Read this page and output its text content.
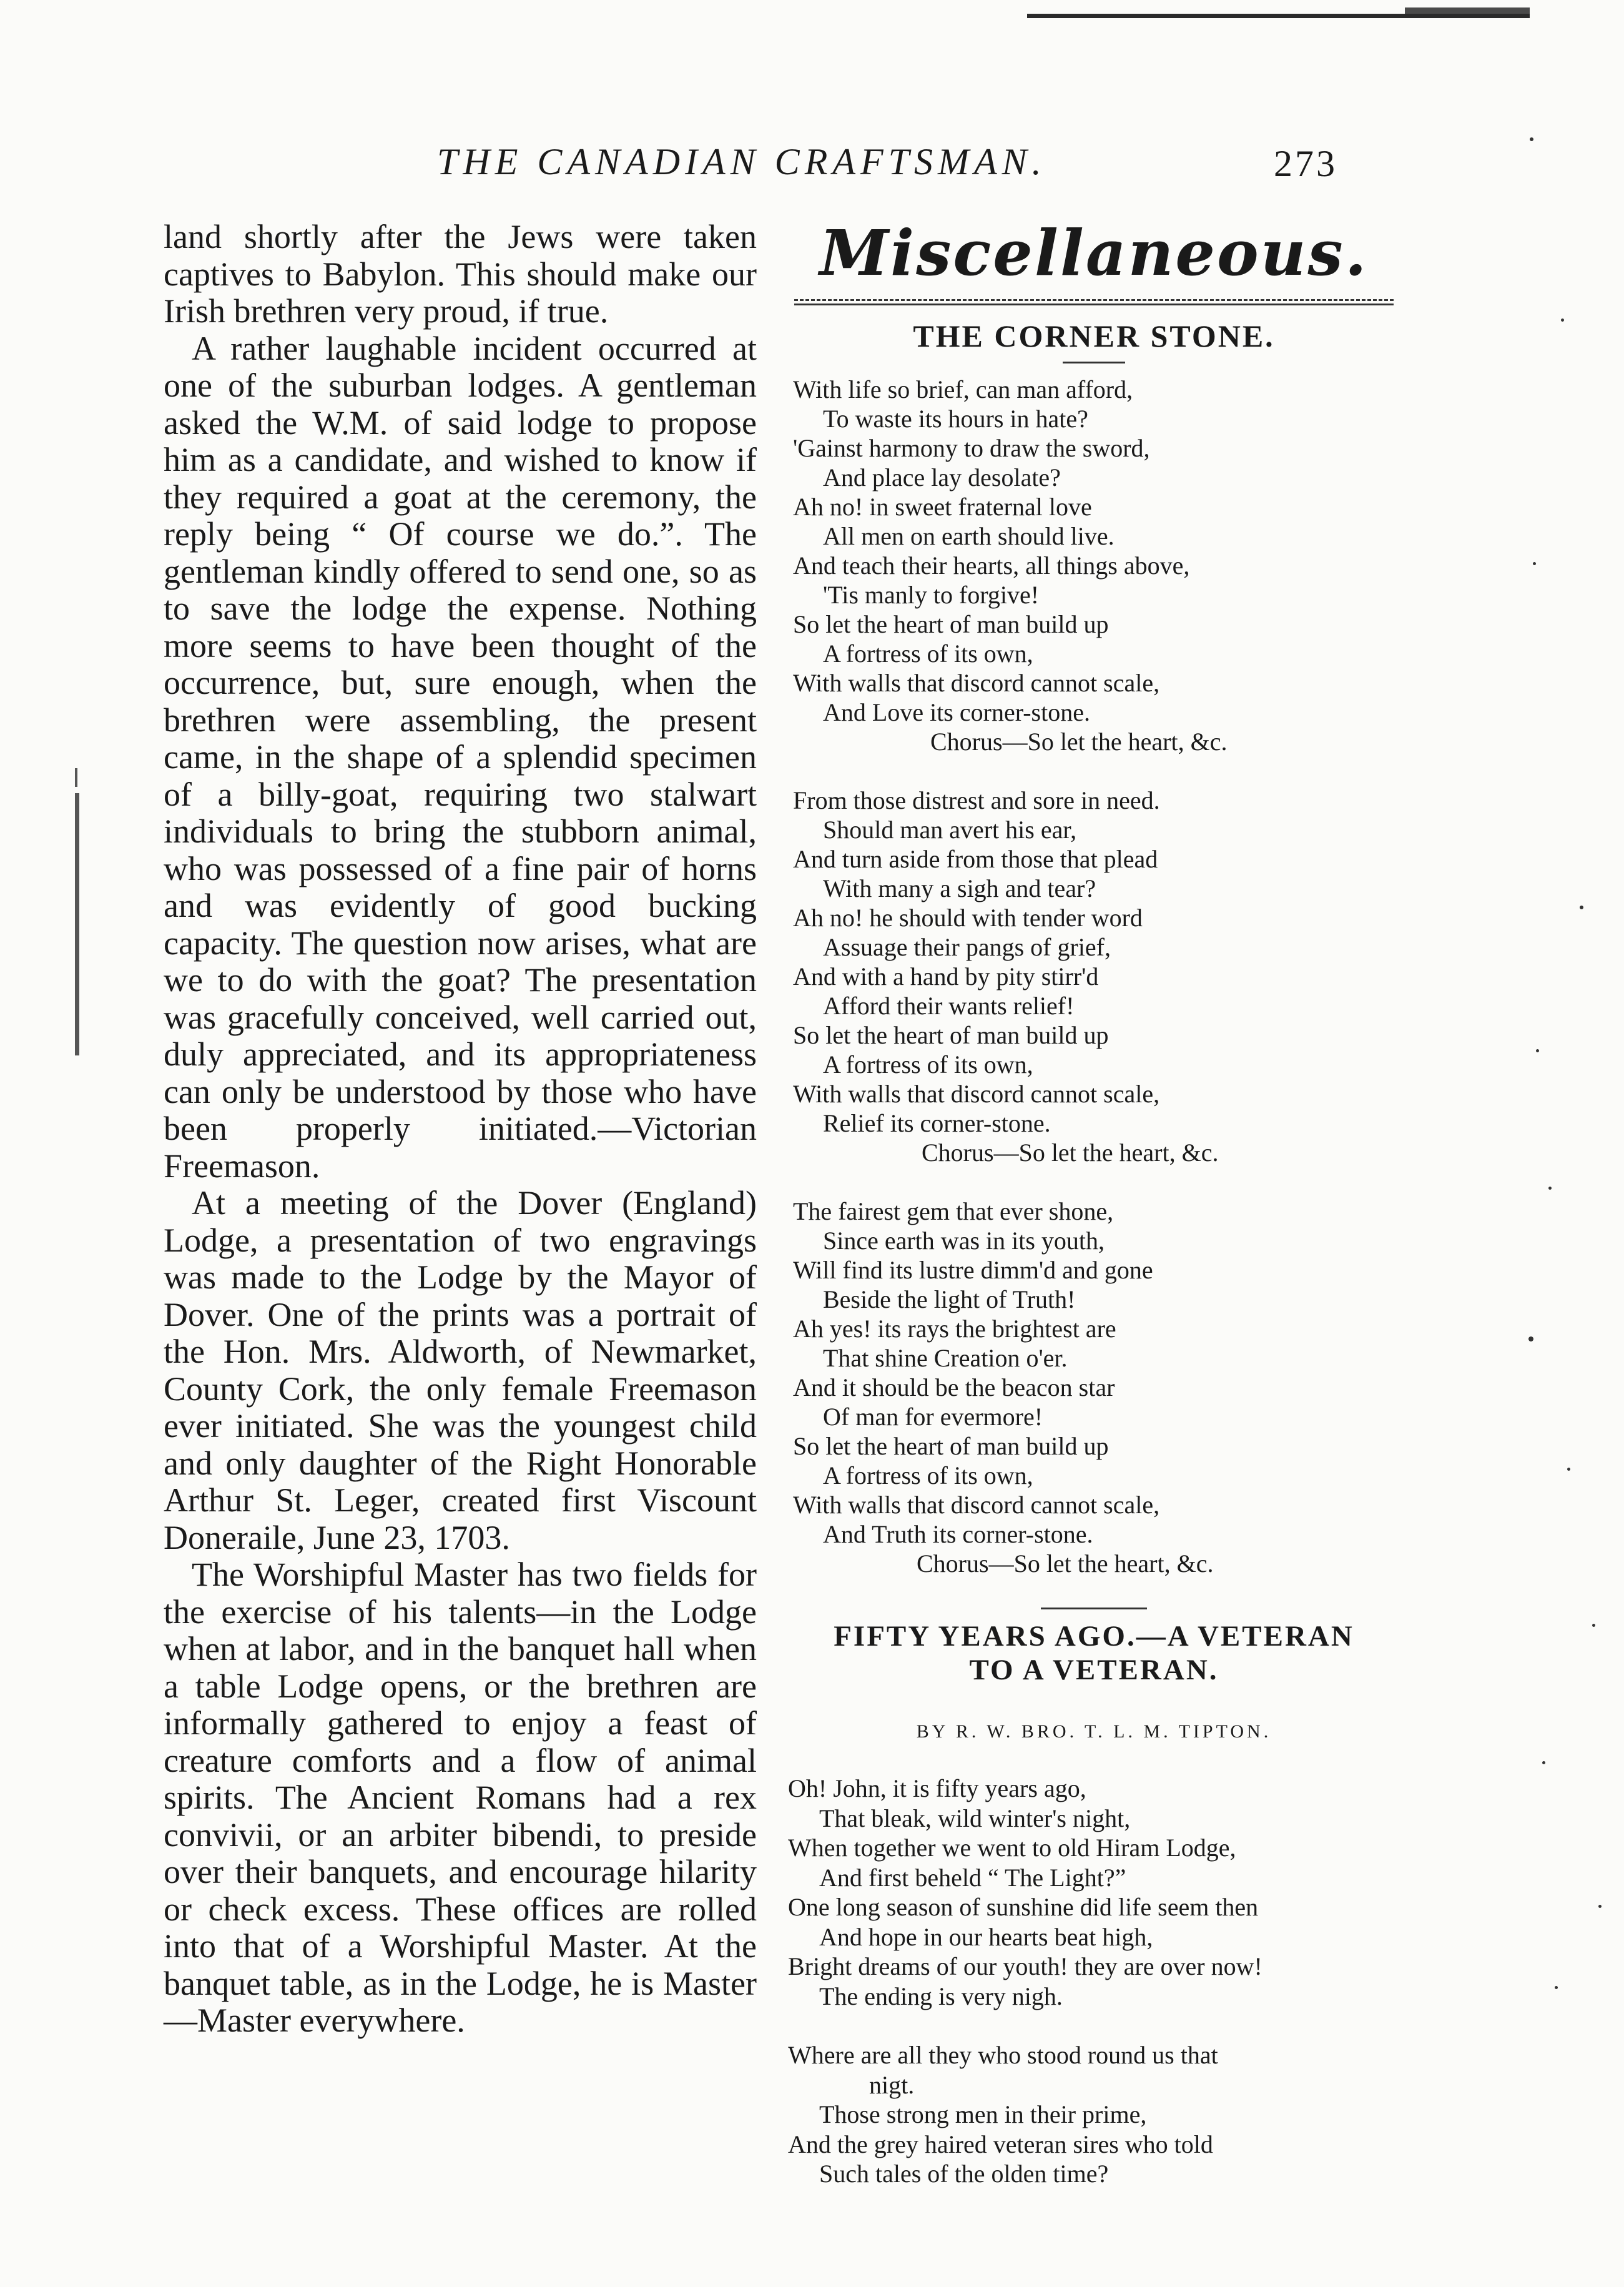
THE CANADIAN CRAFTSMAN.	273

land shortly after the Jews were taken captives to Babylon. This should make our Irish brethren very proud, if true.

A rather laughable incident occurred at one of the suburban lodges. A gentleman asked the W.M. of said lodge to propose him as a candidate, and wished to know if they required a goat at the ceremony, the reply being “ Of course we do.”. The gentleman kindly offered to send one, so as to save the lodge the expense. Nothing more seems to have been thought of the occurrence, but, sure enough, when the brethren were assembling, the present came, in the shape of a splendid specimen of a billy-goat, requiring two stalwart individuals to bring the stubborn animal, who was possessed of a fine pair of horns and was evidently of good bucking capacity. The question now arises, what are we to do with the goat? The presentation was gracefully conceived, well carried out, duly appreciated, and its appropriateness can only be understood by those who have been properly initiated.—Victorian Freemason.

At a meeting of the Dover (England) Lodge, a presentation of two engravings was made to the Lodge by the Mayor of Dover. One of the prints was a portrait of the Hon. Mrs. Aldworth, of Newmarket, County Cork, the only female Freemason ever initiated. She was the youngest child and only daughter of the Right Honorable Arthur St. Leger, created first Viscount Doneraile, June 23, 1703.

The Worshipful Master has two fields for the exercise of his talents—in the Lodge when at labor, and in the banquet hall when a table Lodge opens, or the brethren are informally gathered to enjoy a feast of creature comforts and a flow of animal spirits. The Ancient Romans had a rex convivii, or an arbiter bibendi, to preside over their banquets, and encourage hilarity or check excess. These offices are rolled into that of a Worshipful Master. At the banquet table, as in the Lodge, he is Master—Master everywhere.

Miscellaneous.
THE CORNER STONE.
With life so brief, can man afford,
To waste its hours in hate?
'Gainst harmony to draw the sword,
And place lay desolate?
Ah no! in sweet fraternal love
All men on earth should live.
And teach their hearts, all things above,
'Tis manly to forgive!
So let the heart of man build up
A fortress of its own,
With walls that discord cannot scale,
And Love its corner-stone.
Chorus—So let the heart, &c.
From those distrest and sore in need.
Should man avert his ear,
And turn aside from those that plead
With many a sigh and tear?
Ah no! he should with tender word
Assuage their pangs of grief,
And with a hand by pity stirr'd
Afford their wants relief!
So let the heart of man build up
A fortress of its own,
With walls that discord cannot scale,
Relief its corner-stone.
Chorus—So let the heart, &c.
The fairest gem that ever shone,
Since earth was in its youth,
Will find its lustre dimm'd and gone
Beside the light of Truth!
Ah yes! its rays the brightest are
That shine Creation o'er.
And it should be the beacon star
Of man for evermore!
So let the heart of man build up
A fortress of its own,
With walls that discord cannot scale,
And Truth its corner-stone.
Chorus—So let the heart, &c.
FIFTY YEARS AGO.—A VETERAN
TO A VETERAN.
BY R. W. BRO. T. L. M. TIPTON.
Oh! John, it is fifty years ago,
That bleak, wild winter's night,
When together we went to old Hiram Lodge,
And first beheld “ The Light?”
One long season of sunshine did life seem then
And hope in our hearts beat high,
Bright dreams of our youth! they are over now!
The ending is very nigh.
Where are all they who stood round us that
nigt.
Those strong men in their prime,
And the grey haired veteran sires who told
Such tales of the olden time?
